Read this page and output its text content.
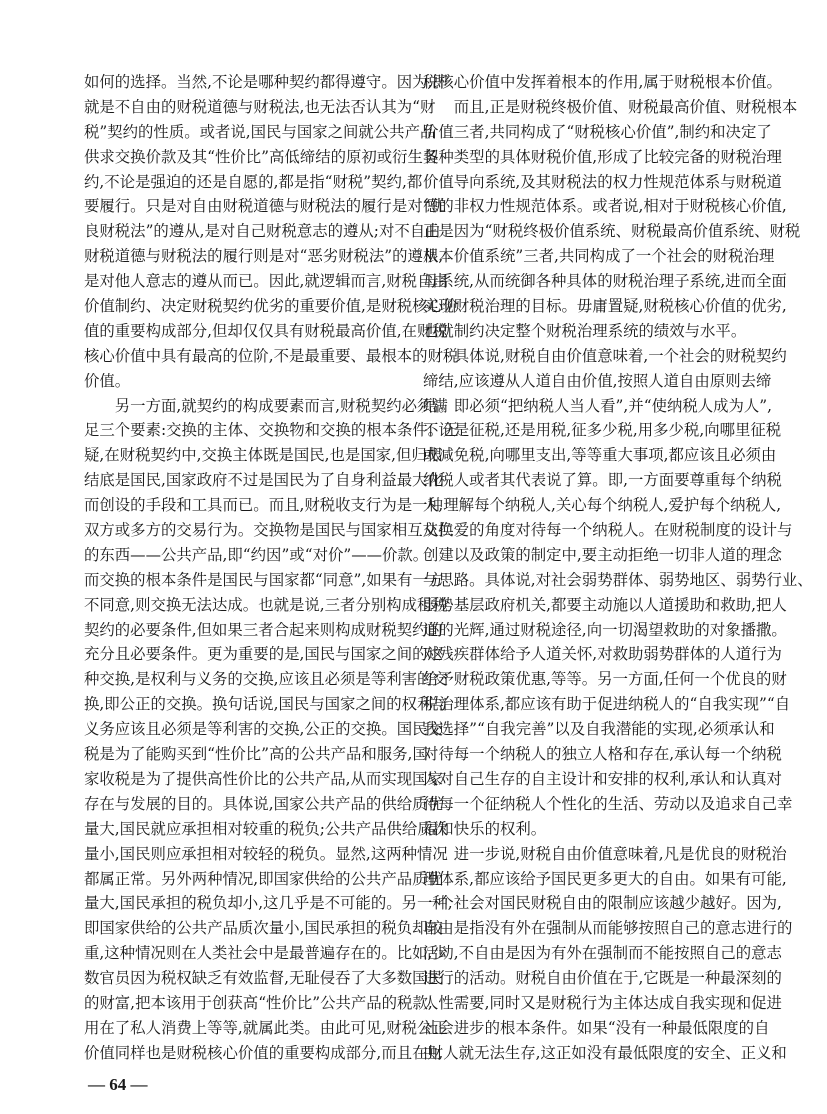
如何的选择。当然,不论是哪种契约都得遵守。因为,即
就是不自由的财税道德与财税法,也无法否认其为“财
税”契约的性质。或者说,国民与国家之间就公共产品
供求交换价款及其“性价比”高低缔结的原初或衍生契
约,不论是强迫的还是自愿的,都是指“财税”契约,都
要履行。只是对自由财税道德与财税法的履行是对“优
良财税法”的遵从,是对自己财税意志的遵从;对不自由
财税道德与财税法的履行则是对“恶劣财税法”的遵从,
是对他人意志的遵从而已。因此,就逻辑而言,财税自由
价值制约、决定财税契约优劣的重要价值,是财税核心价
值的重要构成部分,但却仅仅具有财税最高价值,在财税
核心价值中具有最高的位阶,不是最重要、最根本的财税
价值。
　　另一方面,就契约的构成要素而言,财税契约必须满
足三个要素:交换的主体、交换物和交换的根本条件。无
疑,在财税契约中,交换主体既是国民,也是国家,但归根
结底是国民,国家政府不过是国民为了自身利益最大化
而创设的手段和工具而已。而且,财税收支行为是一种
双方或多方的交易行为。交换物是国民与国家相互交换
的东西——公共产品,即“约因”或“对价”——价款。
而交换的根本条件是国民与国家都“同意”,如果有一方
不同意,则交换无法达成。也就是说,三者分别构成租税
契约的必要条件,但如果三者合起来则构成财税契约的
充分且必要条件。更为重要的是,国民与国家之间的这
种交换,是权利与义务的交换,应该且必须是等利害的交
换,即公正的交换。换句话说,国民与国家之间的权利与
义务应该且必须是等利害的交换,公正的交换。国民交
税是为了能购买到“性价比”高的公共产品和服务,国
家收税是为了提供高性价比的公共产品,从而实现国家
存在与发展的目的。具体说,国家公共产品的供给质优
量大,国民就应承担相对较重的税负;公共产品供给质次
量小,国民则应承担相对较轻的税负。显然,这两种情况
都属正常。另外两种情况,即国家供给的公共产品质优
量大,国民承担的税负却小,这几乎是不可能的。另一种,
即国家供给的公共产品质次量小,国民承担的税负却较
重,这种情况则在人类社会中是最普遍存在的。比如,少
数官员因为税权缺乏有效监督,无耻侵吞了大多数国民
的财富,把本该用于创获高“性价比”公共产品的税款,
用在了私人消费上等等,就属此类。由此可见,财税公正
价值同样也是财税核心价值的重要构成部分,而且在财
税核心价值中发挥着根本的作用,属于财税根本价值。
　　而且,正是财税终极价值、财税最高价值、财税根本
价值三者,共同构成了“财税核心价值”,制约和决定了
各种类型的具体财税价值,形成了比较完备的财税治理
价值导向系统,及其财税法的权力性规范体系与财税道
德的非权力性规范体系。或者说,相对于财税核心价值,
正是因为“财税终极价值系统、财税最高价值系统、财税
根本价值系统”三者,共同构成了一个社会的财税治理
母系统,从而统御各种具体的财税治理子系统,进而全面
实现财税治理的目标。毋庸置疑,财税核心价值的优劣,
也就制约决定整个财税治理系统的绩效与水平。
　　具体说,财税自由价值意味着,一个社会的财税契约
缔结,应该遵从人道自由价值,按照人道自由原则去缔
结。即必须“把纳税人当人看”,并“使纳税人成为人”,
不论是征税,还是用税,征多少税,用多少税,向哪里征税
或减免税,向哪里支出,等等重大事项,都应该且必须由
纳税人或者其代表说了算。即,一方面要尊重每个纳税
人,理解每个纳税人,关心每个纳税人,爱护每个纳税人,
从仁爱的角度对待每一个纳税人。在财税制度的设计与
创建以及政策的制定中,要主动拒绝一切非人道的理念
与思路。具体说,对社会弱势群体、弱势地区、弱势行业、
弱势基层政府机关,都要主动施以人道援助和救助,把人
道的光辉,通过财税途径,向一切渴望救助的对象播撒。
对残疾群体给予人道关怀,对救助弱势群体的人道行为
给予财税政策优惠,等等。另一方面,任何一个优良的财
税治理体系,都应该有助于促进纳税人的“自我实现”“自
我选择”“自我完善”以及自我潜能的实现,必须承认和
对待每一个纳税人的独立人格和存在,承认每一个纳税
人对自己生存的自主设计和安排的权利,承认和认真对
待每一个征纳税人个性化的生活、劳动以及追求自己幸
福和快乐的权利。
　　进一步说,财税自由价值意味着,凡是优良的财税治
理体系,都应该给予国民更多更大的自由。如果有可能,
一个社会对国民财税自由的限制应该越少越好。因为,
自由是指没有外在强制从而能够按照自己的意志进行的
活动,不自由是因为有外在强制而不能按照自己的意志
进行的活动。财税自由价值在于,它既是一种最深刻的
人性需要,同时又是财税行为主体达成自我实现和促进
社会进步的根本条件。如果“没有一种最低限度的自
由,人就无法生存,这正如没有最低限度的安全、正义和
— 64 —
